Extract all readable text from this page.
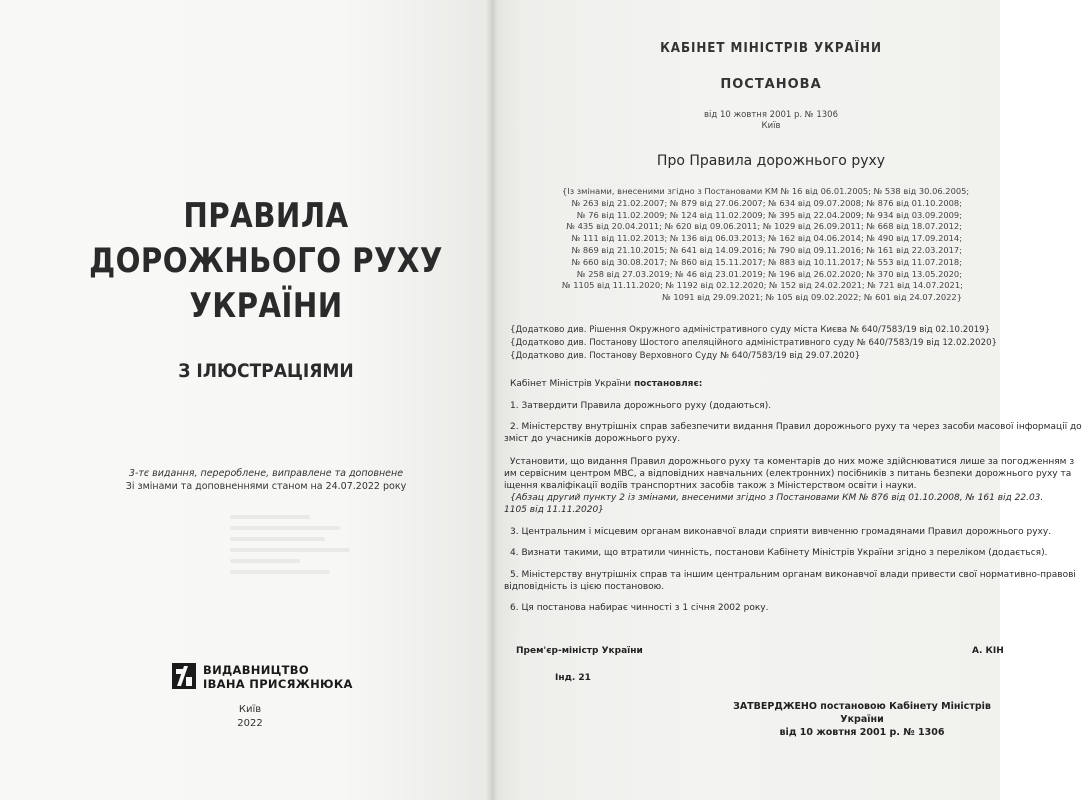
ПРАВИЛА
ДОРОЖНЬОГО РУХУ
УКРАЇНИ
З ІЛЮСТРАЦІЯМИ
3-тє видання, перероблене, виправлене та доповнене
Зі змінами та доповненнями станом на 24.07.2022 року
ВИДАВНИЦТВО
ІВАНА ПРИСЯЖНЮКА
Київ
2022
КАБІНЕТ МІНІСТРІВ УКРАЇНИ
ПОСТАНОВА
від 10 жовтня 2001 р. № 1306
Київ
Про Правила дорожнього руху
{Із змінами, внесеними згідно з Постановами КМ № 16 від 06.01.2005; № 538 від 30.06.2005;
№ 263 від 21.02.2007; № 879 від 27.06.2007; № 634 від 09.07.2008; № 876 від 01.10.2008;
№ 76 від 11.02.2009; № 124 від 11.02.2009; № 395 від 22.04.2009; № 934 від 03.09.2009;
№ 435 від 20.04.2011; № 620 від 09.06.2011; № 1029 від 26.09.2011; № 668 від 18.07.2012;
№ 111 від 11.02.2013; № 136 від 06.03.2013; № 162 від 04.06.2014; № 490 від 17.09.2014;
№ 869 від 21.10.2015; № 641 від 14.09.2016; № 790 від 09.11.2016; № 161 від 22.03.2017;
№ 660 від 30.08.2017; № 860 від 15.11.2017; № 883 від 10.11.2017; № 553 від 11.07.2018;
№ 258 від 27.03.2019; № 46 від 23.01.2019; № 196 від 26.02.2020; № 370 від 13.05.2020;
№ 1105 від 11.11.2020; № 1192 від 02.12.2020; № 152 від 24.02.2021; № 721 від 14.07.2021;
№ 1091 від 29.09.2021; № 105 від 09.02.2022; № 601 від 24.07.2022}
{Додатково див. Рішення Окружного адміністративного суду міста Києва № 640/7583/19 від 02.10.2019}
{Додатково див. Постанову Шостого апеляційного адміністративного суду № 640/7583/19 від 12.02.2020}
{Додатково див. Постанову Верховного Суду № 640/7583/19 від 29.07.2020}
Кабінет Міністрів України постановляє:
1. Затвердити Правила дорожнього руху (додаються).
2. Міністерству внутрішніх справ забезпечити видання Правил дорожнього руху та через засоби масової інформації до
зміст до учасників дорожнього руху.
Установити, що видання Правил дорожнього руху та коментарів до них може здійснюватися лише за погодженням з
им сервісним центром МВС, а відповідних навчальних (електронних) посібників з питань безпеки дорожнього руху та
іщення кваліфікації водіїв транспортних засобів також з Міністерством освіти і науки.
{Абзац другий пункту 2 із змінами, внесеними згідно з Постановами КМ № 876 від 01.10.2008, № 161 від 22.03.
1105 від 11.11.2020}
3. Центральним і місцевим органам виконавчої влади сприяти вивченню громадянами Правил дорожнього руху.
4. Визнати такими, що втратили чинність, постанови Кабінету Міністрів України згідно з переліком (додається).
5. Міністерству внутрішніх справ та іншим центральним органам виконавчої влади привести свої нормативно-правові
відповідність із цією постановою.
6. Ця постанова набирає чинності з 1 січня 2002 року.
Прем'єр-міністр України	А. КІН
Інд. 21
ЗАТВЕРДЖЕНО постановою Кабінету Міністрів України
від 10 жовтня 2001 р. № 1306
